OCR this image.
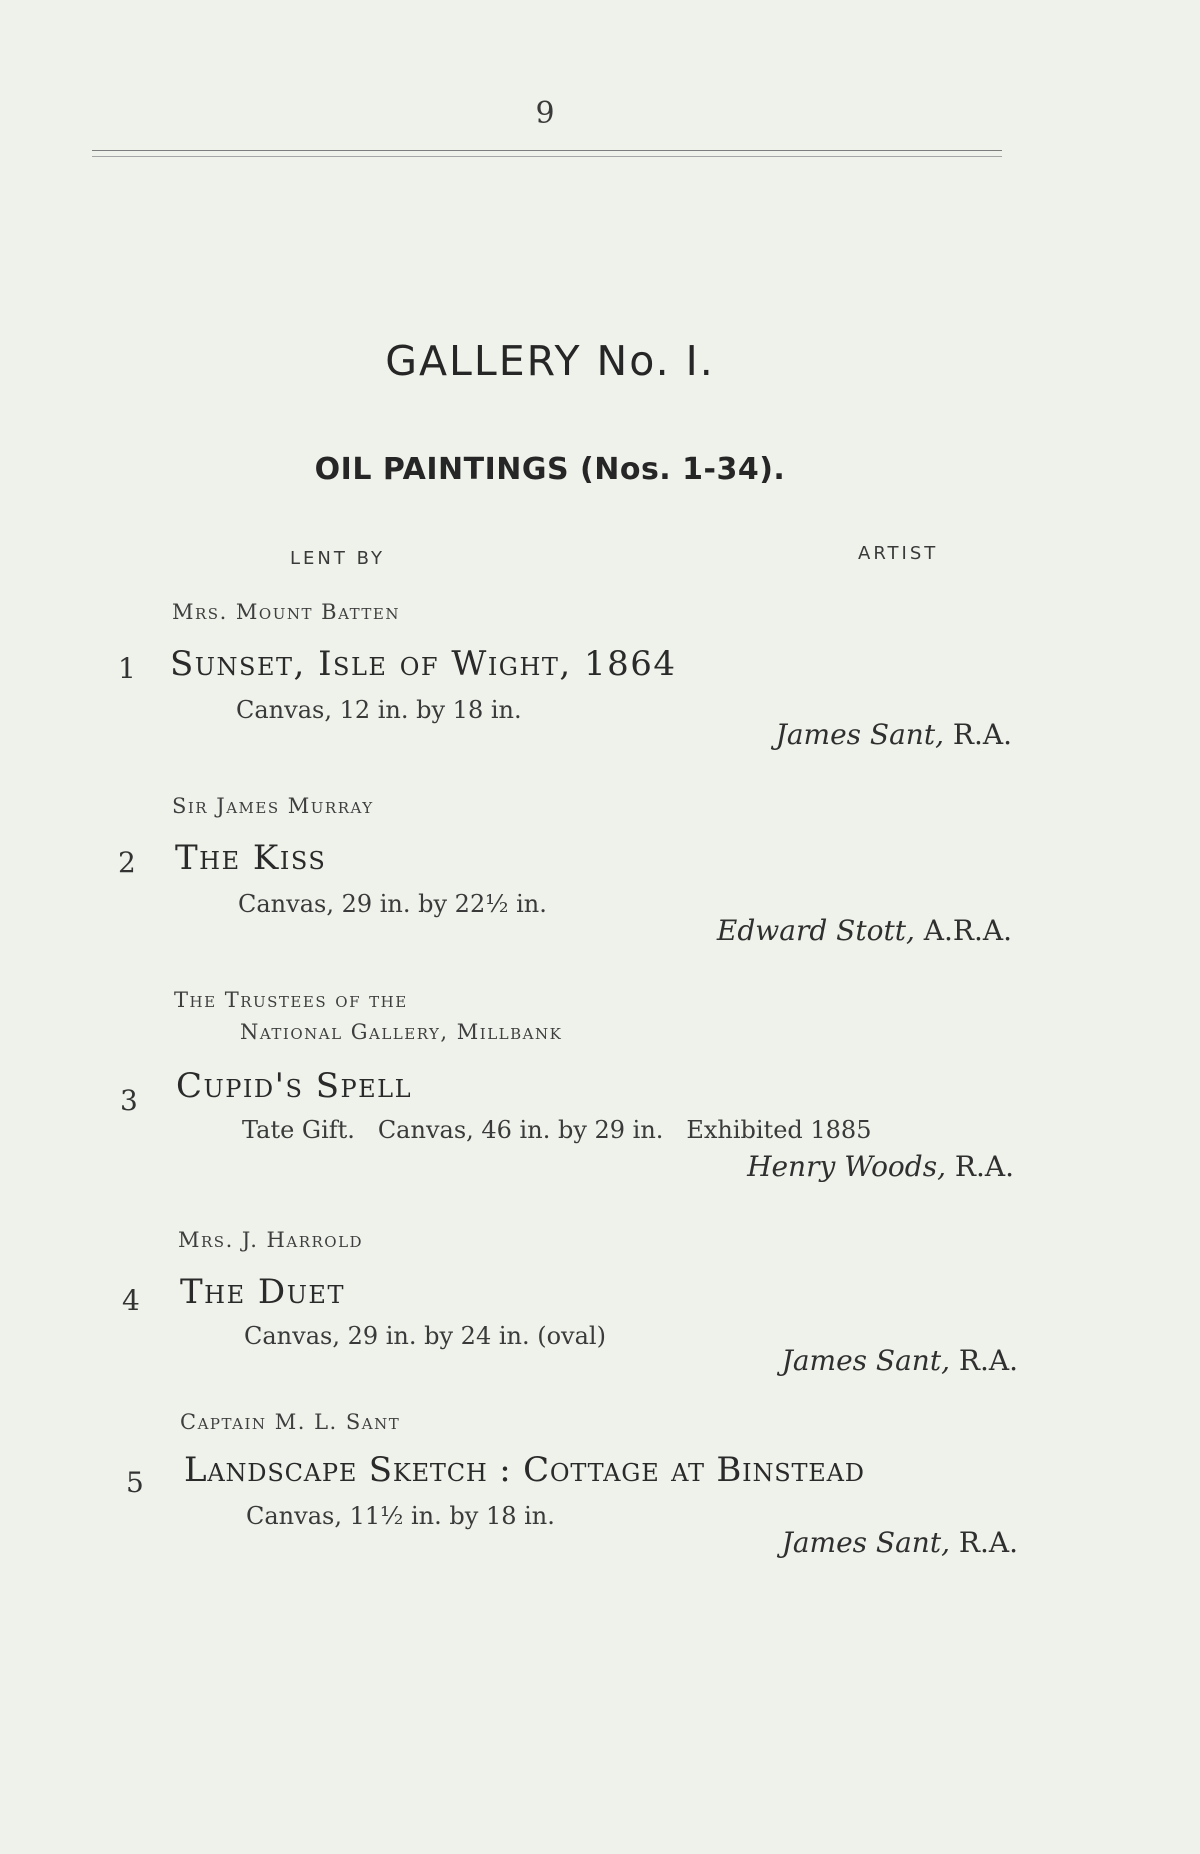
9
GALLERY No. I.
OIL PAINTINGS (Nos. 1-34).
LENT BY	ARTIST
Mrs. Mount Batten
1 Sunset, Isle of Wight, 1864
Canvas, 12 in. by 18 in.
James Sant, R.A.
Sir James Murray
2 The Kiss
Canvas, 29 in. by 22½ in.
Edward Stott, A.R.A.
The Trustees of the
National Gallery, Millbank
3 Cupid's Spell
Tate Gift.   Canvas, 46 in. by 29 in.   Exhibited 1885
Henry Woods, R.A.
Mrs. J. Harrold
4 The Duet
Canvas, 29 in. by 24 in. (oval)
James Sant, R.A.
Captain M. L. Sant
5 Landscape Sketch : Cottage at Binstead
Canvas, 11½ in. by 18 in.
James Sant, R.A.
